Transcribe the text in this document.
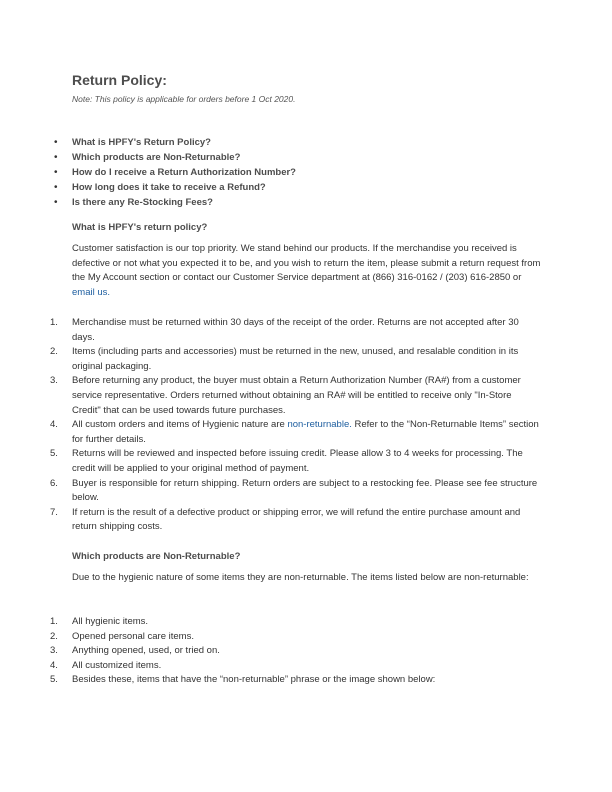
Return Policy:
Note: This policy is applicable for orders before 1 Oct 2020.
• What is HPFY's Return Policy?
• Which products are Non-Returnable?
• How do I receive a Return Authorization Number?
• How long does it take to receive a Refund?
• Is there any Re-Stocking Fees?
What is HPFY's return policy?
Customer satisfaction is our top priority. We stand behind our products. If the merchandise you received is defective or not what you expected it to be, and you wish to return the item, please submit a return request from the My Account section or contact our Customer Service department at (866) 316-0162 / (203) 616-2850 or email us.
1. Merchandise must be returned within 30 days of the receipt of the order. Returns are not accepted after 30 days.
2. Items (including parts and accessories) must be returned in the new, unused, and resalable condition in its original packaging.
3. Before returning any product, the buyer must obtain a Return Authorization Number (RA#) from a customer service representative. Orders returned without obtaining an RA# will be entitled to receive only "In-Store Credit" that can be used towards future purchases.
4. All custom orders and items of Hygienic nature are non-returnable. Refer to the “Non-Returnable Items” section for further details.
5. Returns will be reviewed and inspected before issuing credit. Please allow 3 to 4 weeks for processing. The credit will be applied to your original method of payment.
6. Buyer is responsible for return shipping. Return orders are subject to a restocking fee. Please see fee structure below.
7. If return is the result of a defective product or shipping error, we will refund the entire purchase amount and return shipping costs.
Which products are Non-Returnable?
Due to the hygienic nature of some items they are non-returnable. The items listed below are non-returnable:
1. All hygienic items.
2. Opened personal care items.
3. Anything opened, used, or tried on.
4. All customized items.
5. Besides these, items that have the “non-returnable” phrase or the image shown below:
